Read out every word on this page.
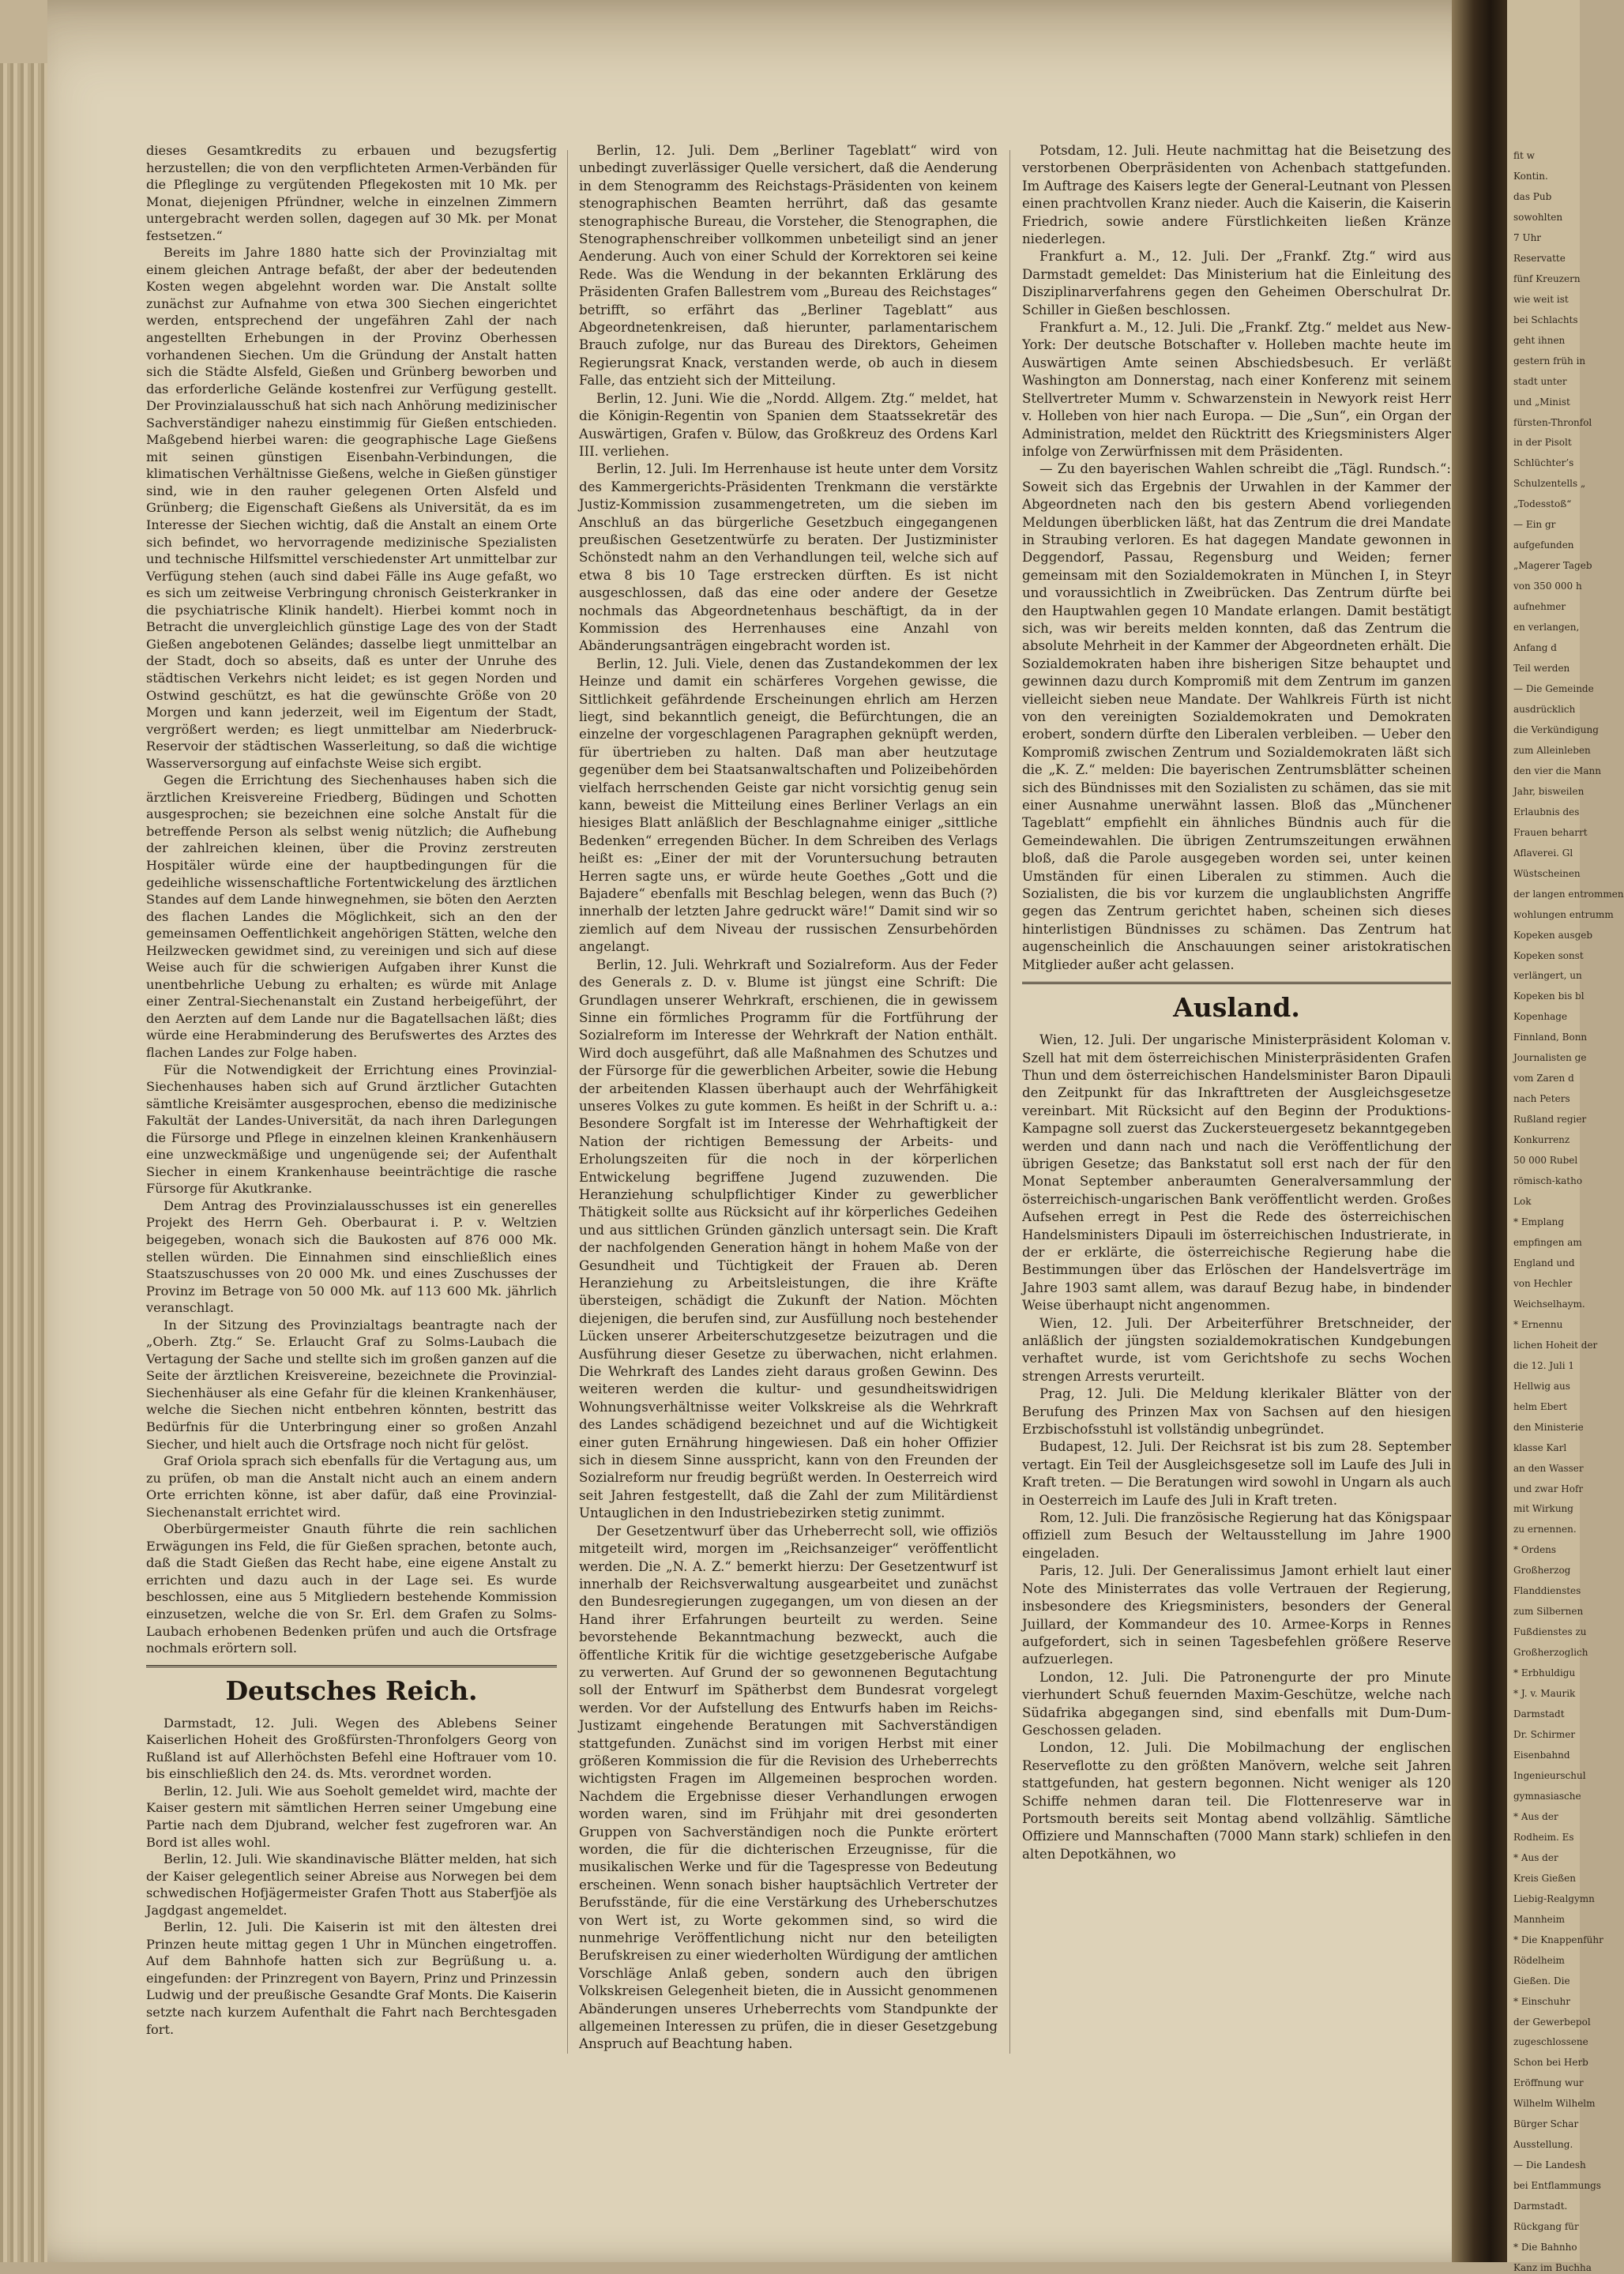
fit w
Kontin.
das Pub
sowohlten
7 Uhr
Reservatte
fünf Kreuzern
wie weit ist
bei Schlachts
geht ihnen
gestern früh in
stadt unter
und „Minist
fürsten-Thronfol
in der Pisolt
Schlüchter’s
Schulzentells „
„Todesstoß“
— Ein gr
aufgefunden
„Magerer Tageb
von 350 000 h
aufnehmer
en verlangen,
Anfang d
Teil werden
— Die Gemeinde
ausdrücklich
die Verkündigung
zum Alleinleben
den vier die Mann
Jahr, bisweilen
Erlaubnis des
Frauen beharrt
Aflaverei. Gl
Wüstscheinen
der langen entrommen
wohlungen entrumm
Kopeken ausgeb
Kopeken sonst
verlängert, un
Kopeken bis bl
Kopenhage
Finnland, Bonn
Journalisten ge
vom Zaren d
nach Peters
Rußland regier
Konkurrenz
50 000 Rubel
römisch-katho
Lok
* Emplang
empfingen am
England und
von Hechler
Weichselhaym.
* Ernennu
lichen Hoheit der
die 12. Juli 1
Hellwig aus
helm Ebert
den Ministerie
klasse Karl
an den Wasser
und zwar Hofr
mit Wirkung
zu ernennen.
* Ordens
Großherzog
Flanddienstes
zum Silbernen
Fußdienstes zu
Großherzoglich
* Erbhuldigu
* J. v. Maurik
Darmstadt
Dr. Schirmer
Eisenbahnd
Ingenieurschul
gymnasiasche
* Aus der
Rodheim. Es
* Aus der
Kreis Gießen
Liebig-Realgymn
Mannheim
* Die Knappenführ
Rödelheim
Gießen. Die
* Einschuhr
der Gewerbepol
zugeschlossene
Schon bei Herb
Eröffnung wur
Wilhelm Wilhelm
Bürger Schar
Ausstellung.
— Die Landesh
bei Entflammungs
Darmstadt.
Rückgang für
* Die Bahnho
Kanz im Buchha

dieses Gesamtkredits zu erbauen und bezugsfertig herzustellen; die von den verpflichteten Armen-Verbänden für die Pfleglinge zu vergütenden Pflegekosten mit 10 Mk. per Monat, diejenigen Pfründner, welche in einzelnen Zimmern untergebracht werden sollen, dagegen auf 30 Mk. per Monat festsetzen.“

Bereits im Jahre 1880 hatte sich der Provinzialtag mit einem gleichen Antrage befaßt, der aber der bedeutenden Kosten wegen abgelehnt worden war. Die Anstalt sollte zunächst zur Aufnahme von etwa 300 Siechen eingerichtet werden, entsprechend der ungefähren Zahl der nach angestellten Erhebungen in der Provinz Oberhessen vorhandenen Siechen. Um die Gründung der Anstalt hatten sich die Städte Alsfeld, Gießen und Grünberg beworben und das erforderliche Gelände kostenfrei zur Verfügung gestellt. Der Provinzialausschuß hat sich nach Anhörung medizinischer Sachverständiger nahezu einstimmig für Gießen entschieden. Maßgebend hierbei waren: die geographische Lage Gießens mit seinen günstigen Eisenbahn-Verbindungen, die klimatischen Verhältnisse Gießens, welche in Gießen günstiger sind, wie in den rauher gelegenen Orten Alsfeld und Grünberg; die Eigenschaft Gießens als Universität, da es im Interesse der Siechen wichtig, daß die Anstalt an einem Orte sich befindet, wo hervorragende medizinische Spezialisten und technische Hilfsmittel verschiedenster Art unmittelbar zur Verfügung stehen (auch sind dabei Fälle ins Auge gefaßt, wo es sich um zeitweise Verbringung chronisch Geisterkranker in die psychiatrische Klinik handelt). Hierbei kommt noch in Betracht die unvergleichlich günstige Lage des von der Stadt Gießen angebotenen Geländes; dasselbe liegt unmittelbar an der Stadt, doch so abseits, daß es unter der Unruhe des städtischen Verkehrs nicht leidet; es ist gegen Norden und Ostwind geschützt, es hat die gewünschte Größe von 20 Morgen und kann jederzeit, weil im Eigentum der Stadt, vergrößert werden; es liegt unmittelbar am Niederbruck-Reservoir der städtischen Wasserleitung, so daß die wichtige Wasserversorgung auf einfachste Weise sich ergibt.

Gegen die Errichtung des Siechenhauses haben sich die ärztlichen Kreisvereine Friedberg, Büdingen und Schotten ausgesprochen; sie bezeichnen eine solche Anstalt für die betreffende Person als selbst wenig nützlich; die Aufhebung der zahlreichen kleinen, über die Provinz zerstreuten Hospitäler würde eine der hauptbedingungen für die gedeihliche wissenschaftliche Fortentwickelung des ärztlichen Standes auf dem Lande hinwegnehmen, sie böten den Aerzten des flachen Landes die Möglichkeit, sich an den der gemeinsamen Oeffentlichkeit angehörigen Stätten, welche den Heilzwecken gewidmet sind, zu vereinigen und sich auf diese Weise auch für die schwierigen Aufgaben ihrer Kunst die unentbehrliche Uebung zu erhalten; es würde mit Anlage einer Zentral-Siechenanstalt ein Zustand herbeigeführt, der den Aerzten auf dem Lande nur die Bagatellsachen läßt; dies würde eine Herabminderung des Berufswertes des Arztes des flachen Landes zur Folge haben.

Für die Notwendigkeit der Errichtung eines Provinzial-Siechenhauses haben sich auf Grund ärztlicher Gutachten sämtliche Kreisämter ausgesprochen, ebenso die medizinische Fakultät der Landes-Universität, da nach ihren Darlegungen die Fürsorge und Pflege in einzelnen kleinen Krankenhäusern eine unzweckmäßige und ungenügende sei; der Aufenthalt Siecher in einem Krankenhause beeinträchtige die rasche Fürsorge für Akutkranke.

Dem Antrag des Provinzialausschusses ist ein generelles Projekt des Herrn Geh. Oberbaurat i. P. v. Weltzien beigegeben, wonach sich die Baukosten auf 876 000 Mk. stellen würden. Die Einnahmen sind einschließlich eines Staatszuschusses von 20 000 Mk. und eines Zuschusses der Provinz im Betrage von 50 000 Mk. auf 113 600 Mk. jährlich veranschlagt.

In der Sitzung des Provinzialtags beantragte nach der „Oberh. Ztg.“ Se. Erlaucht Graf zu Solms-Laubach die Vertagung der Sache und stellte sich im großen ganzen auf die Seite der ärztlichen Kreisvereine, bezeichnete die Provinzial-Siechenhäuser als eine Gefahr für die kleinen Krankenhäuser, welche die Siechen nicht entbehren könnten, bestritt das Bedürfnis für die Unterbringung einer so großen Anzahl Siecher, und hielt auch die Ortsfrage noch nicht für gelöst.

Graf Oriola sprach sich ebenfalls für die Vertagung aus, um zu prüfen, ob man die Anstalt nicht auch an einem andern Orte errichten könne, ist aber dafür, daß eine Provinzial-Siechenanstalt errichtet wird.

Oberbürgermeister Gnauth führte die rein sachlichen Erwägungen ins Feld, die für Gießen sprachen, betonte auch, daß die Stadt Gießen das Recht habe, eine eigene Anstalt zu errichten und dazu auch in der Lage sei. Es wurde beschlossen, eine aus 5 Mitgliedern bestehende Kommission einzusetzen, welche die von Sr. Erl. dem Grafen zu Solms-Laubach erhobenen Bedenken prüfen und auch die Ortsfrage nochmals erörtern soll.

Deutsches Reich.

Darmstadt, 12. Juli. Wegen des Ablebens Seiner Kaiserlichen Hoheit des Großfürsten-Thronfolgers Georg von Rußland ist auf Allerhöchsten Befehl eine Hoftrauer vom 10. bis einschließlich den 24. ds. Mts. verordnet worden.

Berlin, 12. Juli. Wie aus Soeholt gemeldet wird, machte der Kaiser gestern mit sämtlichen Herren seiner Umgebung eine Partie nach dem Djubrand, welcher fest zugefroren war. An Bord ist alles wohl.

Berlin, 12. Juli. Wie skandinavische Blätter melden, hat sich der Kaiser gelegentlich seiner Abreise aus Norwegen bei dem schwedischen Hofjägermeister Grafen Thott aus Staberfjöe als Jagdgast angemeldet.

Berlin, 12. Juli. Die Kaiserin ist mit den ältesten drei Prinzen heute mittag gegen 1 Uhr in München eingetroffen. Auf dem Bahnhofe hatten sich zur Begrüßung u. a. eingefunden: der Prinzregent von Bayern, Prinz und Prinzessin Ludwig und der preußische Gesandte Graf Monts. Die Kaiserin setzte nach kurzem Aufenthalt die Fahrt nach Berchtesgaden fort.

Berlin, 12. Juli. Dem „Berliner Tageblatt“ wird von unbedingt zuverlässiger Quelle versichert, daß die Aenderung in dem Stenogramm des Reichstags-Präsidenten von keinem stenographischen Beamten herrührt, daß das gesamte stenographische Bureau, die Vorsteher, die Stenographen, die Stenographenschreiber vollkommen unbeteiligt sind an jener Aenderung. Auch von einer Schuld der Korrektoren sei keine Rede. Was die Wendung in der bekannten Erklärung des Präsidenten Grafen Ballestrem vom „Bureau des Reichstages“ betrifft, so erfährt das „Berliner Tageblatt“ aus Abgeordnetenkreisen, daß hierunter, parlamentarischem Brauch zufolge, nur das Bureau des Direktors, Geheimen Regierungsrat Knack, verstanden werde, ob auch in diesem Falle, das entzieht sich der Mitteilung.

Berlin, 12. Juni. Wie die „Nordd. Allgem. Ztg.“ meldet, hat die Königin-Regentin von Spanien dem Staatssekretär des Auswärtigen, Grafen v. Bülow, das Großkreuz des Ordens Karl III. verliehen.

Berlin, 12. Juli. Im Herrenhause ist heute unter dem Vorsitz des Kammergerichts-Präsidenten Trenkmann die verstärkte Justiz-Kommission zusammengetreten, um die sieben im Anschluß an das bürgerliche Gesetzbuch eingegangenen preußischen Gesetzentwürfe zu beraten. Der Justizminister Schönstedt nahm an den Verhandlungen teil, welche sich auf etwa 8 bis 10 Tage erstrecken dürften. Es ist nicht ausgeschlossen, daß das eine oder andere der Gesetze nochmals das Abgeordnetenhaus beschäftigt, da in der Kommission des Herrenhauses eine Anzahl von Abänderungsanträgen eingebracht worden ist.

Berlin, 12. Juli. Viele, denen das Zustandekommen der lex Heinze und damit ein schärferes Vorgehen gewisse, die Sittlichkeit gefährdende Erscheinungen ehrlich am Herzen liegt, sind bekanntlich geneigt, die Befürchtungen, die an einzelne der vorgeschlagenen Paragraphen geknüpft werden, für übertrieben zu halten. Daß man aber heutzutage gegenüber dem bei Staatsanwaltschaften und Polizeibehörden vielfach herrschenden Geiste gar nicht vorsichtig genug sein kann, beweist die Mitteilung eines Berliner Verlags an ein hiesiges Blatt anläßlich der Beschlagnahme einiger „sittliche Bedenken“ erregenden Bücher. In dem Schreiben des Verlags heißt es: „Einer der mit der Voruntersuchung betrauten Herren sagte uns, er würde heute Goethes „Gott und die Bajadere“ ebenfalls mit Beschlag belegen, wenn das Buch (?) innerhalb der letzten Jahre gedruckt wäre!“ Damit sind wir so ziemlich auf dem Niveau der russischen Zensurbehörden angelangt.

Berlin, 12. Juli. Wehrkraft und Sozialreform. Aus der Feder des Generals z. D. v. Blume ist jüngst eine Schrift: Die Grundlagen unserer Wehrkraft, erschienen, die in gewissem Sinne ein förmliches Programm für die Fortführung der Sozialreform im Interesse der Wehrkraft der Nation enthält. Wird doch ausgeführt, daß alle Maßnahmen des Schutzes und der Fürsorge für die gewerblichen Arbeiter, sowie die Hebung der arbeitenden Klassen überhaupt auch der Wehrfähigkeit unseres Volkes zu gute kommen. Es heißt in der Schrift u. a.: Besondere Sorgfalt ist im Interesse der Wehrhaftigkeit der Nation der richtigen Bemessung der Arbeits- und Erholungszeiten für die noch in der körperlichen Entwickelung begriffene Jugend zuzuwenden. Die Heranziehung schulpflichtiger Kinder zu gewerblicher Thätigkeit sollte aus Rücksicht auf ihr körperliches Gedeihen und aus sittlichen Gründen gänzlich untersagt sein. Die Kraft der nachfolgenden Generation hängt in hohem Maße von der Gesundheit und Tüchtigkeit der Frauen ab. Deren Heranziehung zu Arbeitsleistungen, die ihre Kräfte übersteigen, schädigt die Zukunft der Nation. Möchten diejenigen, die berufen sind, zur Ausfüllung noch bestehender Lücken unserer Arbeiterschutzgesetze beizutragen und die Ausführung dieser Gesetze zu überwachen, nicht erlahmen. Die Wehrkraft des Landes zieht daraus großen Gewinn. Des weiteren werden die kultur- und gesundheitswidrigen Wohnungsverhältnisse weiter Volkskreise als die Wehrkraft des Landes schädigend bezeichnet und auf die Wichtigkeit einer guten Ernährung hingewiesen. Daß ein hoher Offizier sich in diesem Sinne ausspricht, kann von den Freunden der Sozialreform nur freudig begrüßt werden. In Oesterreich wird seit Jahren festgestellt, daß die Zahl der zum Militärdienst Untauglichen in den Industriebezirken stetig zunimmt.

Der Gesetzentwurf über das Urheberrecht soll, wie offiziös mitgeteilt wird, morgen im „Reichsanzeiger“ veröffentlicht werden. Die „N. A. Z.“ bemerkt hierzu: Der Gesetzentwurf ist innerhalb der Reichsverwaltung ausgearbeitet und zunächst den Bundesregierungen zugegangen, um von diesen an der Hand ihrer Erfahrungen beurteilt zu werden. Seine bevorstehende Bekanntmachung bezweckt, auch die öffentliche Kritik für die wichtige gesetzgeberische Aufgabe zu verwerten. Auf Grund der so gewonnenen Begutachtung soll der Entwurf im Spätherbst dem Bundesrat vorgelegt werden. Vor der Aufstellung des Entwurfs haben im Reichs-Justizamt eingehende Beratungen mit Sachverständigen stattgefunden. Zunächst sind im vorigen Herbst mit einer größeren Kommission die für die Revision des Urheberrechts wichtigsten Fragen im Allgemeinen besprochen worden. Nachdem die Ergebnisse dieser Verhandlungen erwogen worden waren, sind im Frühjahr mit drei gesonderten Gruppen von Sachverständigen noch die Punkte erörtert worden, die für die dichterischen Erzeugnisse, für die musikalischen Werke und für die Tagespresse von Bedeutung erscheinen. Wenn sonach bisher hauptsächlich Vertreter der Berufsstände, für die eine Verstärkung des Urheberschutzes von Wert ist, zu Worte gekommen sind, so wird die nunmehrige Veröffentlichung nicht nur den beteiligten Berufskreisen zu einer wiederholten Würdigung der amtlichen Vorschläge Anlaß geben, sondern auch den übrigen Volkskreisen Gelegenheit bieten, die in Aussicht genommenen Abänderungen unseres Urheberrechts vom Standpunkte der allgemeinen Interessen zu prüfen, die in dieser Gesetzgebung Anspruch auf Beachtung haben.

Potsdam, 12. Juli. Heute nachmittag hat die Beisetzung des verstorbenen Oberpräsidenten von Achenbach stattgefunden. Im Auftrage des Kaisers legte der General-Leutnant von Plessen einen prachtvollen Kranz nieder. Auch die Kaiserin, die Kaiserin Friedrich, sowie andere Fürstlichkeiten ließen Kränze niederlegen.

Frankfurt a. M., 12. Juli. Der „Frankf. Ztg.“ wird aus Darmstadt gemeldet: Das Ministerium hat die Einleitung des Disziplinarverfahrens gegen den Geheimen Oberschulrat Dr. Schiller in Gießen beschlossen.

Frankfurt a. M., 12. Juli. Die „Frankf. Ztg.“ meldet aus New-York: Der deutsche Botschafter v. Holleben machte heute im Auswärtigen Amte seinen Abschiedsbesuch. Er verläßt Washington am Donnerstag, nach einer Konferenz mit seinem Stellvertreter Mumm v. Schwarzenstein in Newyork reist Herr v. Holleben von hier nach Europa. — Die „Sun“, ein Organ der Administration, meldet den Rücktritt des Kriegsministers Alger infolge von Zerwürfnissen mit dem Präsidenten.

— Zu den bayerischen Wahlen schreibt die „Tägl. Rundsch.“: Soweit sich das Ergebnis der Urwahlen in der Kammer der Abgeordneten nach den bis gestern Abend vorliegenden Meldungen überblicken läßt, hat das Zentrum die drei Mandate in Straubing verloren. Es hat dagegen Mandate gewonnen in Deggendorf, Passau, Regensburg und Weiden; ferner gemeinsam mit den Sozialdemokraten in München I, in Steyr und voraussichtlich in Zweibrücken. Das Zentrum dürfte bei den Hauptwahlen gegen 10 Mandate erlangen. Damit bestätigt sich, was wir bereits melden konnten, daß das Zentrum die absolute Mehrheit in der Kammer der Abgeordneten erhält. Die Sozialdemokraten haben ihre bisherigen Sitze behauptet und gewinnen dazu durch Kompromiß mit dem Zentrum im ganzen vielleicht sieben neue Mandate. Der Wahlkreis Fürth ist nicht von den vereinigten Sozialdemokraten und Demokraten erobert, sondern dürfte den Liberalen verbleiben. — Ueber den Kompromiß zwischen Zentrum und Sozialdemokraten läßt sich die „K. Z.“ melden: Die bayerischen Zentrumsblätter scheinen sich des Bündnisses mit den Sozialisten zu schämen, das sie mit einer Ausnahme unerwähnt lassen. Bloß das „Münchener Tageblatt“ empfiehlt ein ähnliches Bündnis auch für die Gemeindewahlen. Die übrigen Zentrumszeitungen erwähnen bloß, daß die Parole ausgegeben worden sei, unter keinen Umständen für einen Liberalen zu stimmen. Auch die Sozialisten, die bis vor kurzem die unglaublichsten Angriffe gegen das Zentrum gerichtet haben, scheinen sich dieses hinterlistigen Bündnisses zu schämen. Das Zentrum hat augenscheinlich die Anschauungen seiner aristokratischen Mitglieder außer acht gelassen.

Ausland.

Wien, 12. Juli. Der ungarische Ministerpräsident Koloman v. Szell hat mit dem österreichischen Ministerpräsidenten Grafen Thun und dem österreichischen Handelsminister Baron Dipauli den Zeitpunkt für das Inkrafttreten der Ausgleichsgesetze vereinbart. Mit Rücksicht auf den Beginn der Produktions-Kampagne soll zuerst das Zuckersteuergesetz bekanntgegeben werden und dann nach und nach die Veröffentlichung der übrigen Gesetze; das Bankstatut soll erst nach der für den Monat September anberaumten Generalversammlung der österreichisch-ungarischen Bank veröffentlicht werden. Großes Aufsehen erregt in Pest die Rede des österreichischen Handelsministers Dipauli im österreichischen Industrierate, in der er erklärte, die österreichische Regierung habe die Bestimmungen über das Erlöschen der Handelsverträge im Jahre 1903 samt allem, was darauf Bezug habe, in bindender Weise überhaupt nicht angenommen.

Wien, 12. Juli. Der Arbeiterführer Bretschneider, der anläßlich der jüngsten sozialdemokratischen Kundgebungen verhaftet wurde, ist vom Gerichtshofe zu sechs Wochen strengen Arrests verurteilt.

Prag, 12. Juli. Die Meldung klerikaler Blätter von der Berufung des Prinzen Max von Sachsen auf den hiesigen Erzbischofsstuhl ist vollständig unbegründet.

Budapest, 12. Juli. Der Reichsrat ist bis zum 28. September vertagt. Ein Teil der Ausgleichsgesetze soll im Laufe des Juli in Kraft treten. — Die Beratungen wird sowohl in Ungarn als auch in Oesterreich im Laufe des Juli in Kraft treten.

Rom, 12. Juli. Die französische Regierung hat das Königspaar offiziell zum Besuch der Weltausstellung im Jahre 1900 eingeladen.

Paris, 12. Juli. Der Generalissimus Jamont erhielt laut einer Note des Ministerrates das volle Vertrauen der Regierung, insbesondere des Kriegsministers, besonders der General Juillard, der Kommandeur des 10. Armee-Korps in Rennes aufgefordert, sich in seinen Tagesbefehlen größere Reserve aufzuerlegen.

London, 12. Juli. Die Patronengurte der pro Minute vierhundert Schuß feuernden Maxim-Geschütze, welche nach Südafrika abgegangen sind, sind ebenfalls mit Dum-Dum-Geschossen geladen.

London, 12. Juli. Die Mobilmachung der englischen Reserveflotte zu den größten Manövern, welche seit Jahren stattgefunden, hat gestern begonnen. Nicht weniger als 120 Schiffe nehmen daran teil. Die Flottenreserve war in Portsmouth bereits seit Montag abend vollzählig. Sämtliche Offiziere und Mannschaften (7000 Mann stark) schliefen in den alten Depotkähnen, wo
